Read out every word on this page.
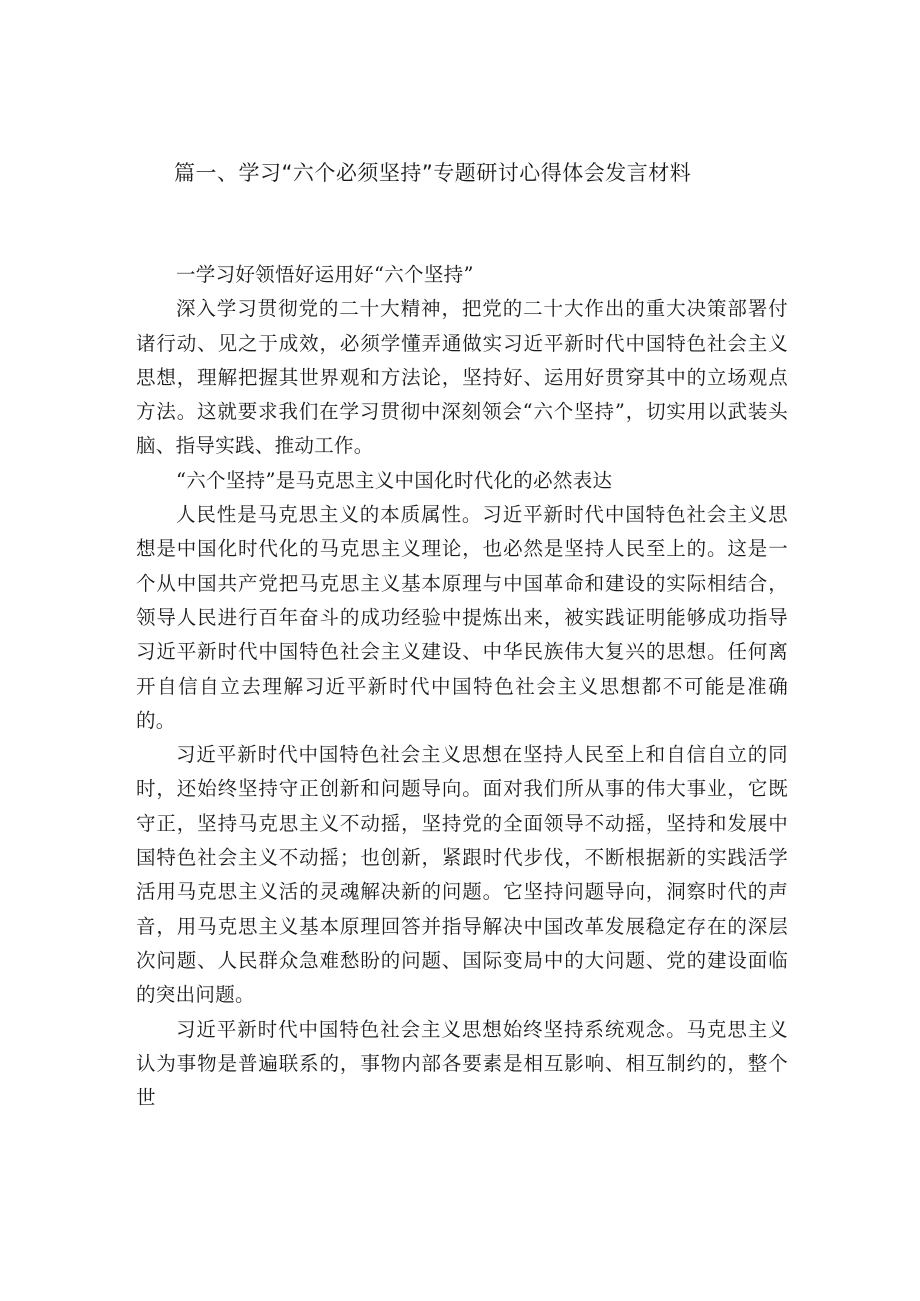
篇一、学习“六个必须坚持”专题研讨心得体会发言材料

一学习好领悟好运用好“六个坚持”

深入学习贯彻党的二十大精神，把党的二十大作出的重大决策部署付诸行动、见之于成效，必须学懂弄通做实习近平新时代中国特色社会主义思想，理解把握其世界观和方法论，坚持好、运用好贯穿其中的立场观点方法。这就要求我们在学习贯彻中深刻领会“六个坚持”，切实用以武装头脑、指导实践、推动工作。

“六个坚持”是马克思主义中国化时代化的必然表达

人民性是马克思主义的本质属性。习近平新时代中国特色社会主义思想是中国化时代化的马克思主义理论，也必然是坚持人民至上的。这是一个从中国共产党把马克思主义基本原理与中国革命和建设的实际相结合，领导人民进行百年奋斗的成功经验中提炼出来，被实践证明能够成功指导习近平新时代中国特色社会主义建设、中华民族伟大复兴的思想。任何离开自信自立去理解习近平新时代中国特色社会主义思想都不可能是准确的。

习近平新时代中国特色社会主义思想在坚持人民至上和自信自立的同时，还始终坚持守正创新和问题导向。面对我们所从事的伟大事业，它既守正，坚持马克思主义不动摇，坚持党的全面领导不动摇，坚持和发展中国特色社会主义不动摇；也创新，紧跟时代步伐，不断根据新的实践活学活用马克思主义活的灵魂解决新的问题。它坚持问题导向，洞察时代的声音，用马克思主义基本原理回答并指导解决中国改革发展稳定存在的深层次问题、人民群众急难愁盼的问题、国际变局中的大问题、党的建设面临的突出问题。

习近平新时代中国特色社会主义思想始终坚持系统观念。马克思主义认为事物是普遍联系的，事物内部各要素是相互影响、相互制约的，整个世
